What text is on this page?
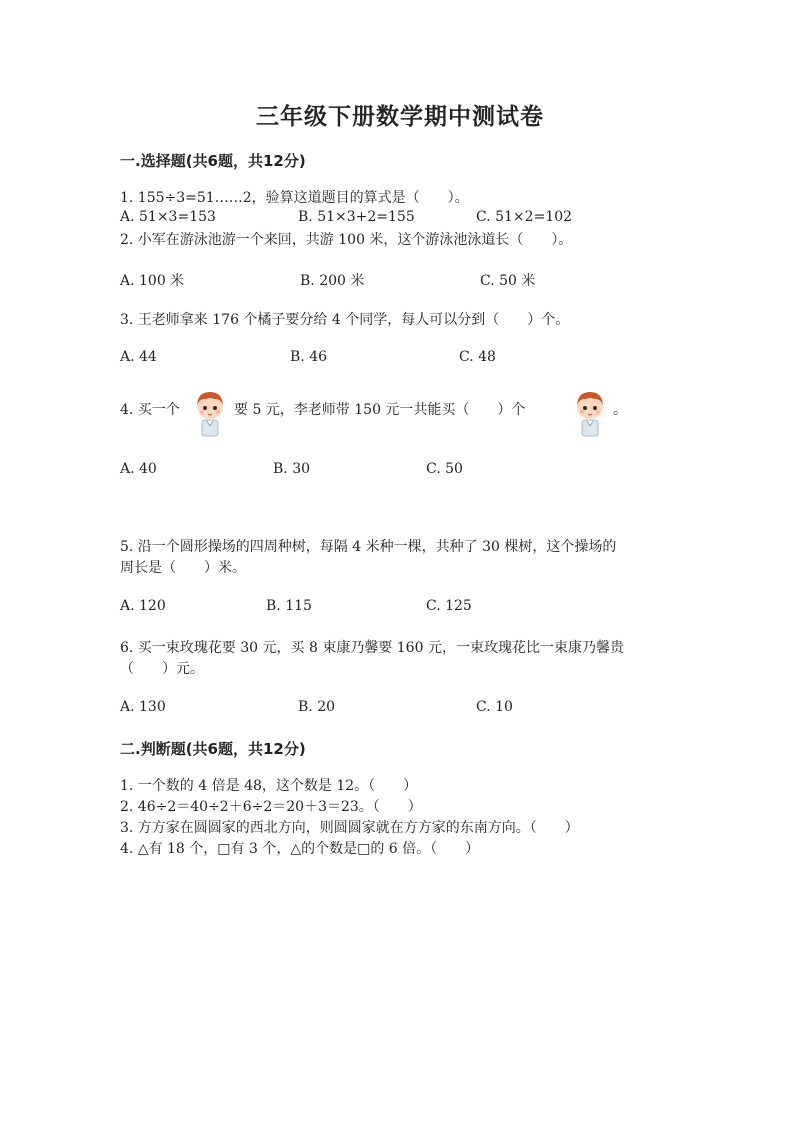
三年级下册数学期中测试卷
一.选择题(共6题，共12分)
1. 155÷3=51……2，验算这道题目的算式是（　　）。
A. 51×3=153	B. 51×3+2=155	C. 51×2=102
2. 小军在游泳池游一个来回，共游 100 米，这个游泳池泳道长（　　）。
A. 100 米	B. 200 米	C. 50 米
3. 王老师拿来 176 个橘子要分给 4 个同学，每人可以分到（　　）个。
A. 44	B. 46	C. 48
4. 买一个	要 5 元，李老师带 150 元一共能买（　　）个	。
A. 40	B. 30	C. 50
5. 沿一个圆形操场的四周种树，每隔 4 米种一棵，共种了 30 棵树，这个操场的
周长是（　　）米。
A. 120	B. 115	C. 125
6. 买一束玫瑰花要 30 元，买 8 束康乃馨要 160 元，一束玫瑰花比一束康乃馨贵
（　　）元。
A. 130	B. 20	C. 10
二.判断题(共6题，共12分)
1. 一个数的 4 倍是 48，这个数是 12。（　　）
2. 46÷2＝40÷2＋6÷2＝20＋3＝23。（　　）
3. 方方家在圆圆家的西北方向，则圆圆家就在方方家的东南方向。（　　）
4. △有 18 个，□有 3 个，△的个数是□的 6 倍。（　　）
